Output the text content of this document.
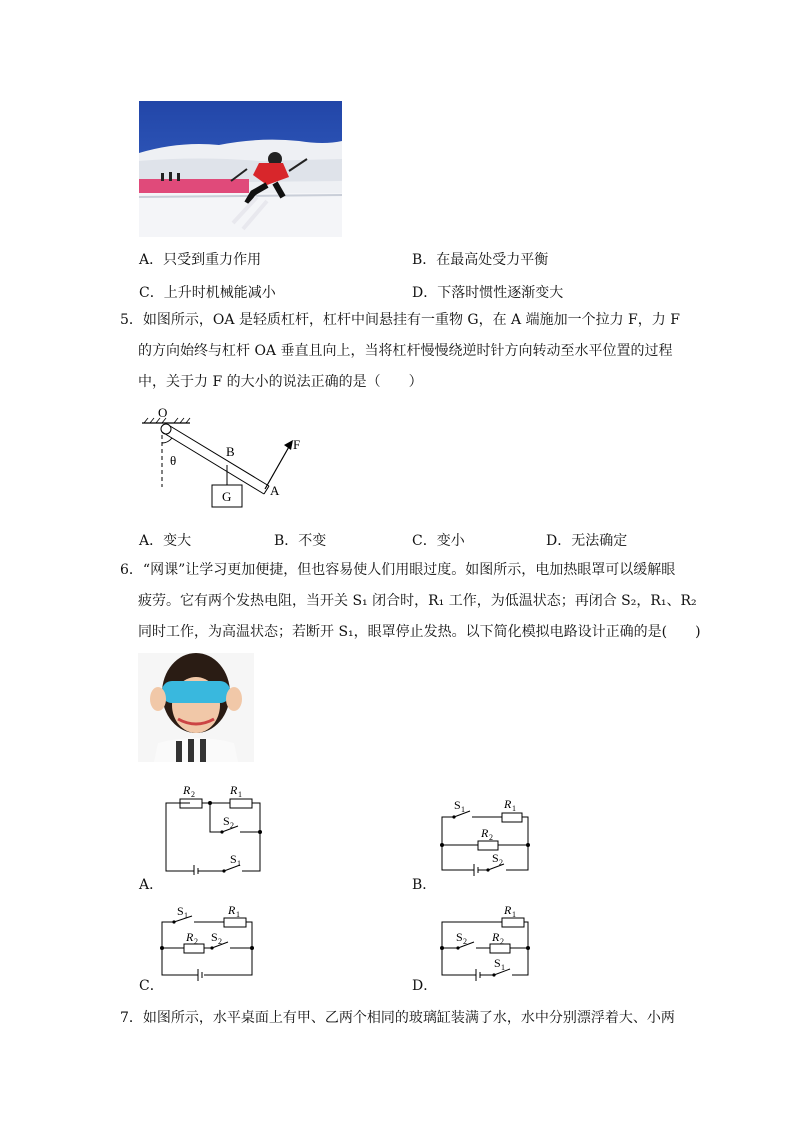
A．只受到重力作用	B．在最高处受力平衡
C．上升时机械能减小	D．下落时惯性逐渐变大
5．如图所示，OA 是轻质杠杆，杠杆中间悬挂有一重物 G，在 A 端施加一个拉力 F，力 F
的方向始终与杠杆 OA 垂直且向上，当将杠杆慢慢绕逆时针方向转动至水平位置的过程
中，关于力 F 的大小的说法正确的是（　　）
O
θ
B	F
A
G
A．变大	B．不变	C．变小	D．无法确定
6．“网课”让学习更加便捷，但也容易使人们用眼过度。如图所示，电加热眼罩可以缓解眼
疲劳。它有两个发热电阻，当开关 S₁ 闭合时，R₁ 工作，为低温状态；再闭合 S₂，R₁、R₂
同时工作，为高温状态；若断开 S₁，眼罩停止发热。以下简化模拟电路设计正确的是(　　)
R 2	R 1
S 2
S 1
A．
S 1	R 1
R 2
S 2
B．
S 1	R 1
R 2 S 2
C．
R 1
S 2 R 2
S 1
D．
7．如图所示，水平桌面上有甲、乙两个相同的玻璃缸装满了水，水中分别漂浮着大、小两
